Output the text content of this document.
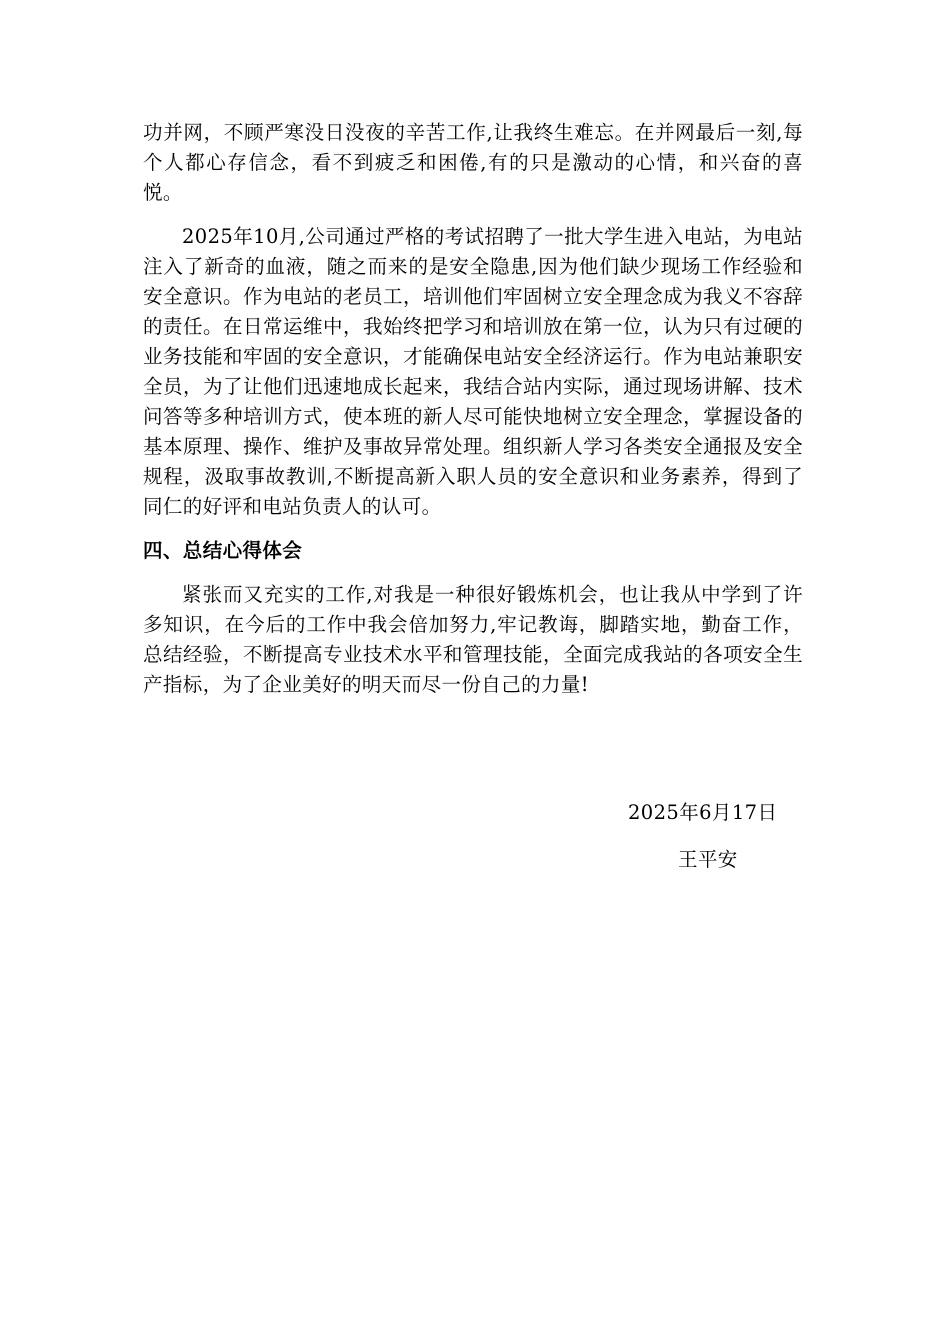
功并网，不顾严寒没日没夜的辛苦工作,让我终生难忘。在并网最后一刻,每个人都心存信念，看不到疲乏和困倦,有的只是激动的心情，和兴奋的喜悦。

2025年10月,公司通过严格的考试招聘了一批大学生进入电站，为电站注入了新奇的血液，随之而来的是安全隐患,因为他们缺少现场工作经验和安全意识。作为电站的老员工，培训他们牢固树立安全理念成为我义不容辞的责任。在日常运维中，我始终把学习和培训放在第一位，认为只有过硬的业务技能和牢固的安全意识，才能确保电站安全经济运行。作为电站兼职安全员，为了让他们迅速地成长起来，我结合站内实际，通过现场讲解、技术问答等多种培训方式，使本班的新人尽可能快地树立安全理念，掌握设备的基本原理、操作、维护及事故异常处理。组织新人学习各类安全通报及安全规程，汲取事故教训,不断提高新入职人员的安全意识和业务素养，得到了同仁的好评和电站负责人的认可。

四、总结心得体会

紧张而又充实的工作,对我是一种很好锻炼机会，也让我从中学到了许多知识，在今后的工作中我会倍加努力,牢记教诲，脚踏实地，勤奋工作，总结经验，不断提高专业技术水平和管理技能，全面完成我站的各项安全生产指标，为了企业美好的明天而尽一份自己的力量!

2025年6月17日
王平安
